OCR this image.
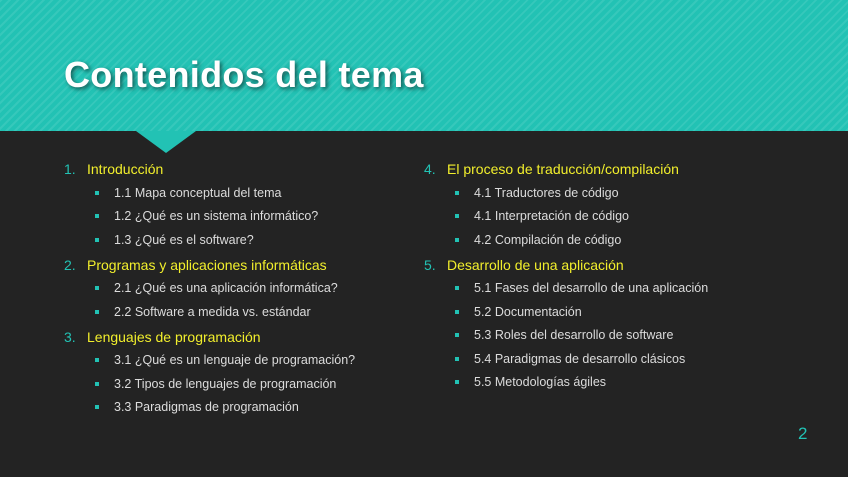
Contenidos del tema
1. Introducción
1.1 Mapa conceptual del tema
1.2 ¿Qué es un sistema informático?
1.3 ¿Qué es el software?
2. Programas y aplicaciones informáticas
2.1 ¿Qué es una aplicación informática?
2.2 Software a medida vs. estándar
3. Lenguajes de programación
3.1 ¿Qué es un lenguaje de programación?
3.2 Tipos de lenguajes de programación
3.3 Paradigmas de programación
4. El proceso de traducción/compilación
4.1 Traductores de código
4.1 Interpretación de código
4.2 Compilación de código
5. Desarrollo de una aplicación
5.1 Fases del desarrollo de una aplicación
5.2 Documentación
5.3 Roles del desarrollo de software
5.4 Paradigmas de desarrollo clásicos
5.5 Metodologías ágiles
2
